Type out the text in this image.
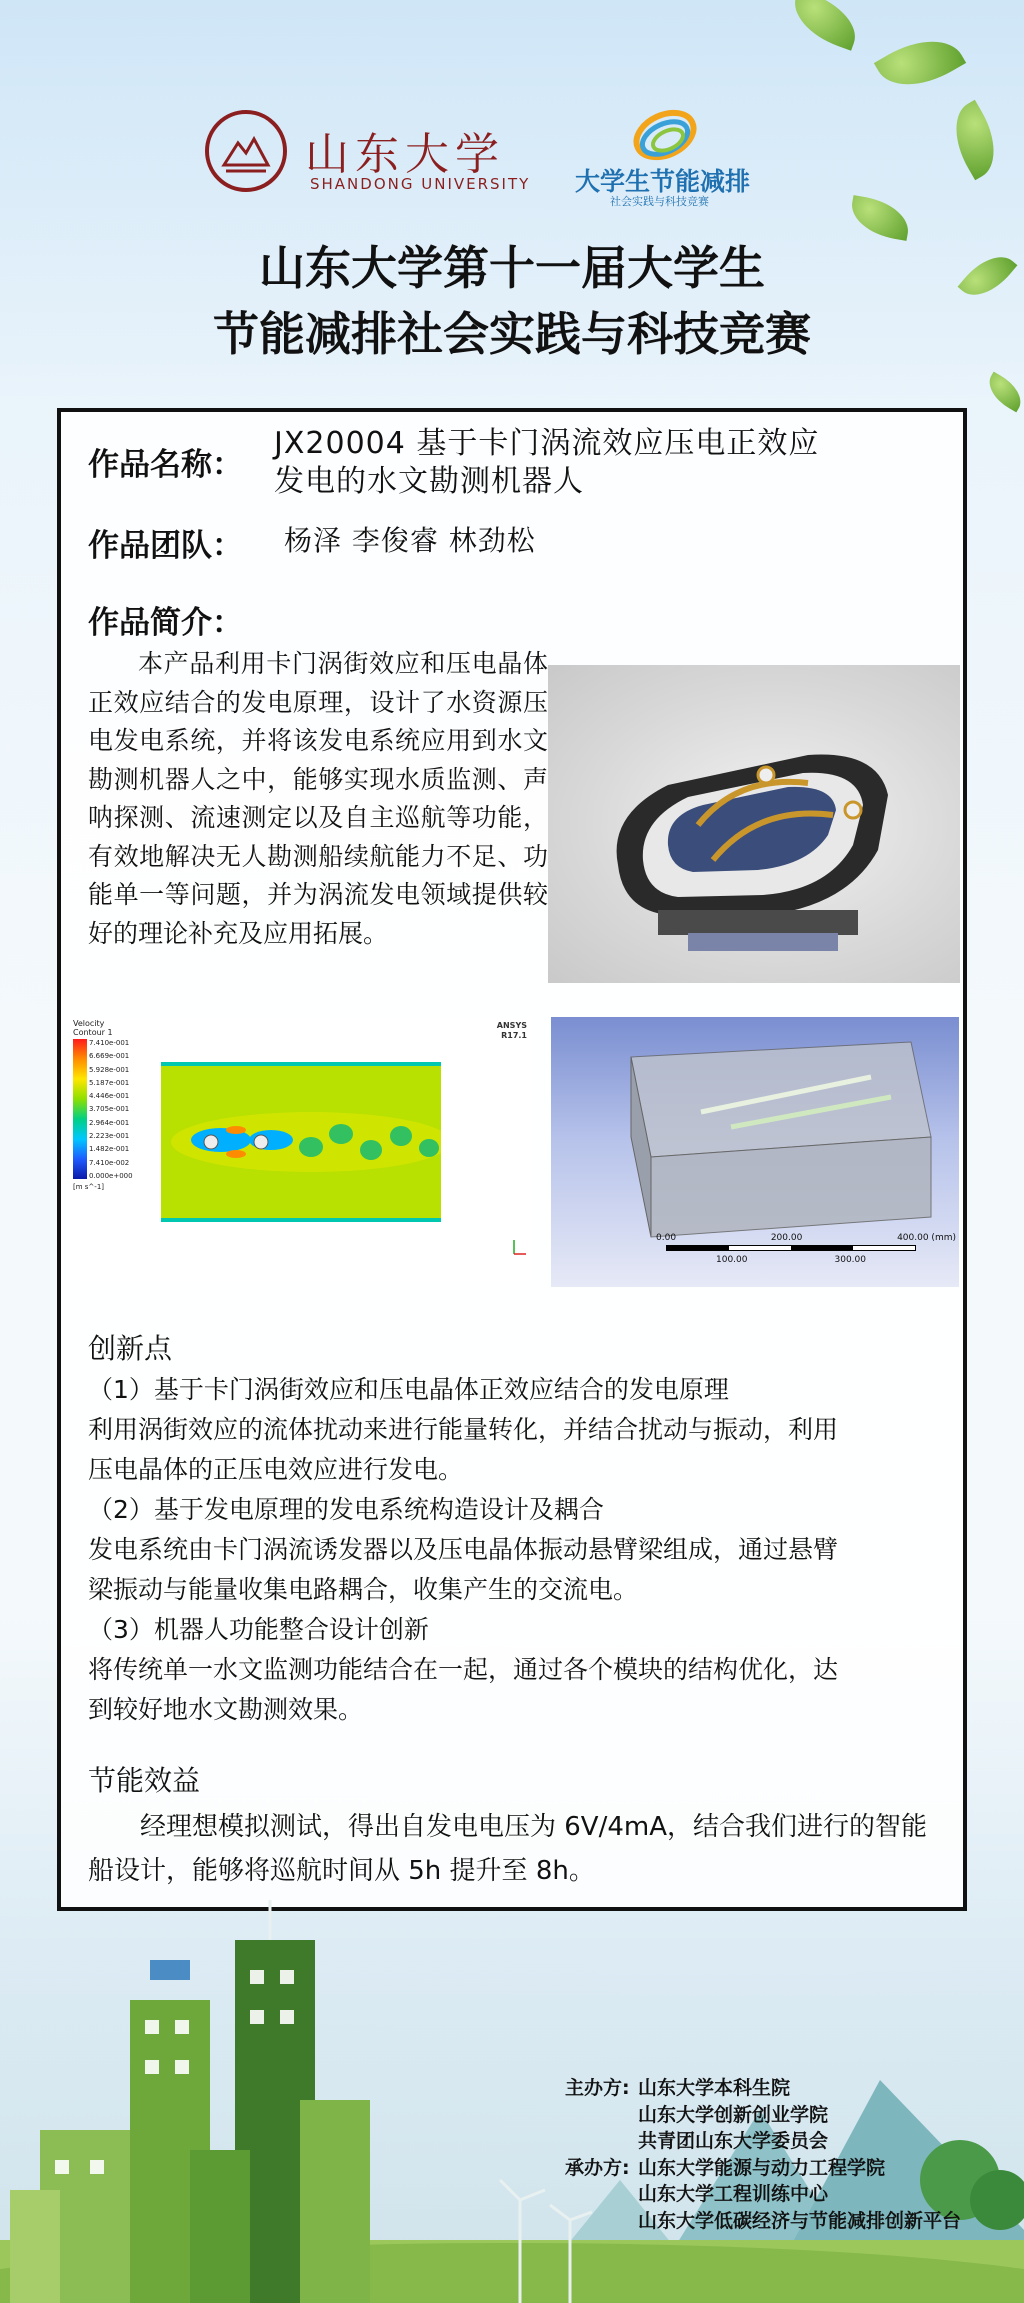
山东大学
SHANDONG UNIVERSITY 大学生节能减排
社会实践与科技竞赛
山东大学第十一届大学生
节能减排社会实践与科技竞赛
作品名称：
JX20004 基于卡门涡流效应压电正效应
发电的水文勘测机器人
作品团队： 杨泽 李俊睿 林劲松
作品简介：
本产品利用卡门涡街效应和压电晶体正效应结合的发电原理，设计了水资源压电发电系统，并将该发电系统应用到水文勘测机器人之中，能够实现水质监测、声呐探测、流速测定以及自主巡航等功能，有效地解决无人勘测船续航能力不足、功能单一等问题，并为涡流发电领域提供较好的理论补充及应用拓展。
Velocity
Contour 1
7.410e-001
6.669e-001
5.928e-001
5.187e-001
4.446e-001
3.705e-001
2.964e-001
2.223e-001
1.482e-001
7.410e-002
0.000e+000
[m s^-1]
ANSYS
R17.1
0.00	200.00	400.00 (mm)
100.00	300.00
创新点
（1）基于卡门涡街效应和压电晶体正效应结合的发电原理
利用涡街效应的流体扰动来进行能量转化，并结合扰动与振动，利用
压电晶体的正压电效应进行发电。
（2）基于发电原理的发电系统构造设计及耦合
发电系统由卡门涡流诱发器以及压电晶体振动悬臂梁组成，通过悬臂
梁振动与能量收集电路耦合，收集产生的交流电。
（3）机器人功能整合设计创新
将传统单一水文监测功能结合在一起，通过各个模块的结构优化，达
到较好地水文勘测效果。
节能效益
经理想模拟测试，得出自发电电压为 6V/4mA，结合我们进行的智能船设计，能够将巡航时间从 5h 提升至 8h。
主办方: 山东大学本科生院
山东大学创新创业学院
共青团山东大学委员会
承办方: 山东大学能源与动力工程学院
山东大学工程训练中心
山东大学低碳经济与节能减排创新平台
